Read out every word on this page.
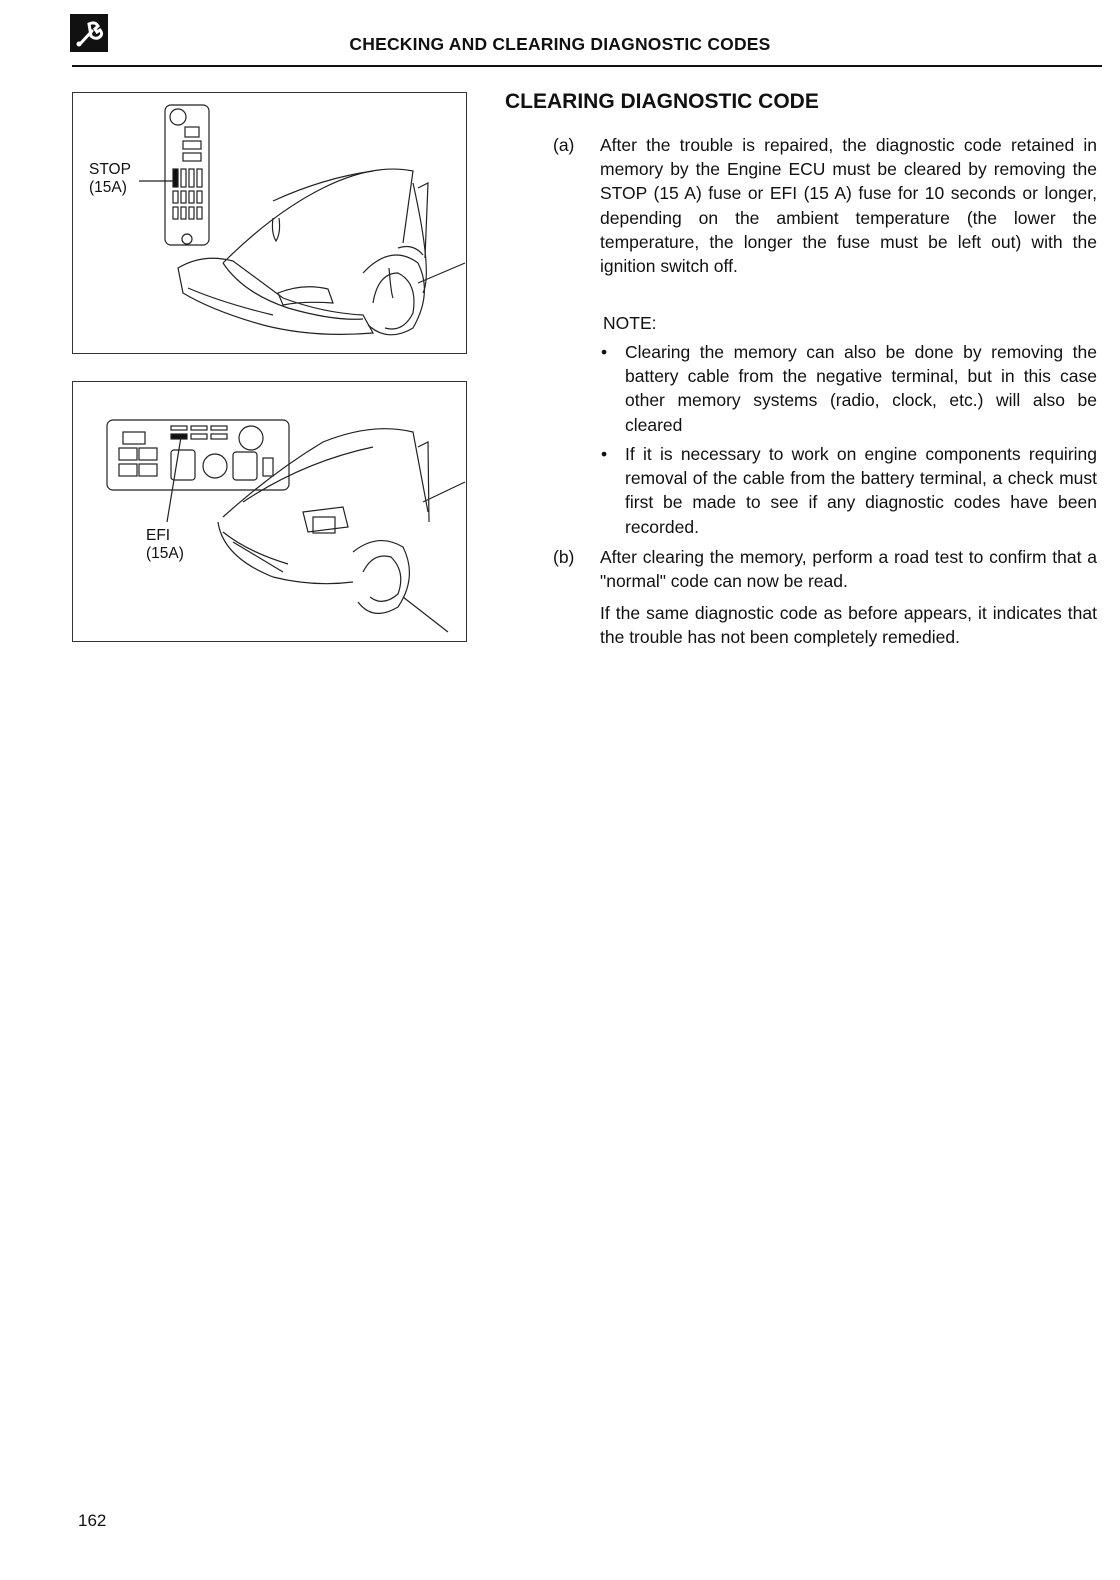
CHECKING AND CLEARING DIAGNOSTIC CODES
STOP
(15A)
EFI
(15A)
CLEARING DIAGNOSTIC CODE
(a) After the trouble is repaired, the diagnostic code retained in memory by the Engine ECU must be cleared by removing the STOP (15 A) fuse or EFI (15 A) fuse for 10 seconds or longer, depending on the ambient temperature (the lower the temperature, the longer the fuse must be left out) with the ignition switch off.

NOTE:
• Clearing the memory can also be done by removing the battery cable from the negative terminal, but in this case other memory systems (radio, clock, etc.) will also be cleared

• If it is necessary to work on engine components requiring removal of the cable from the battery terminal, a check must first be made to see if any diagnostic codes have been recorded.

(b) After clearing the memory, perform a road test to confirm that a "normal" code can now be read.

If the same diagnostic code as before appears, it indicates that the trouble has not been completely remedied.

162
